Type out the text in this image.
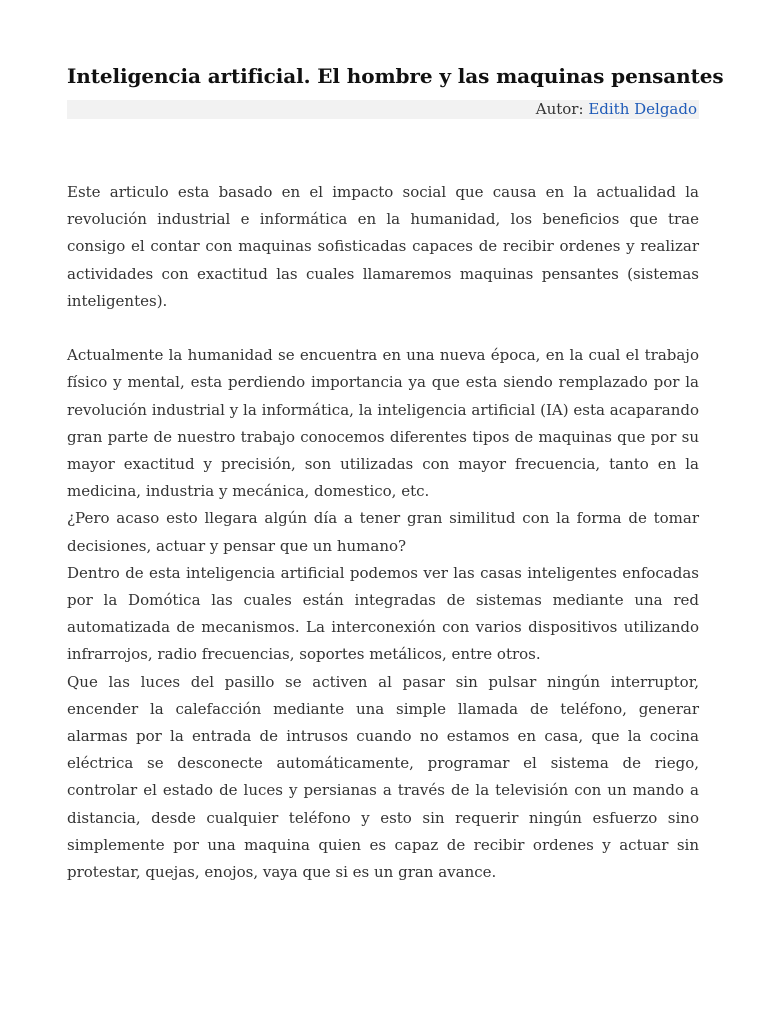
Inteligencia artificial. El hombre y las maquinas pensantes
Autor: Edith Delgado

Este articulo esta basado en el impacto social que causa en la actualidad la revolución industrial e informática en la humanidad, los beneficios que trae consigo el contar con maquinas sofisticadas capaces de recibir ordenes y realizar actividades con exactitud las cuales llamaremos maquinas pensantes (sistemas inteligentes).

Actualmente la humanidad se encuentra en una nueva época, en la cual el trabajo físico y mental, esta perdiendo importancia ya que esta siendo remplazado por la revolución industrial y la informática, la inteligencia artificial (IA) esta acaparando gran parte de nuestro trabajo conocemos diferentes tipos de maquinas que por su mayor exactitud y precisión, son utilizadas con mayor frecuencia, tanto en la medicina, industria y mecánica, domestico, etc.

¿Pero acaso esto llegara algún día a tener gran similitud con la forma de tomar decisiones, actuar y pensar que un humano?

Dentro de esta inteligencia artificial podemos ver las casas inteligentes enfocadas por la Domótica las cuales están integradas de sistemas mediante una red automatizada de mecanismos. La interconexión con varios dispositivos utilizando infrarrojos, radio frecuencias, soportes metálicos, entre otros.

Que las luces del pasillo se activen al pasar sin pulsar ningún interruptor, encender la calefacción mediante una simple llamada de teléfono, generar alarmas por la entrada de intrusos cuando no estamos en casa, que la cocina eléctrica se desconecte automáticamente, programar el sistema de riego, controlar el estado de luces y persianas a través de la televisión con un mando a distancia, desde cualquier teléfono y esto sin requerir ningún esfuerzo sino simplemente por una maquina quien es capaz de recibir ordenes y actuar sin protestar, quejas, enojos, vaya que si es un gran avance.
